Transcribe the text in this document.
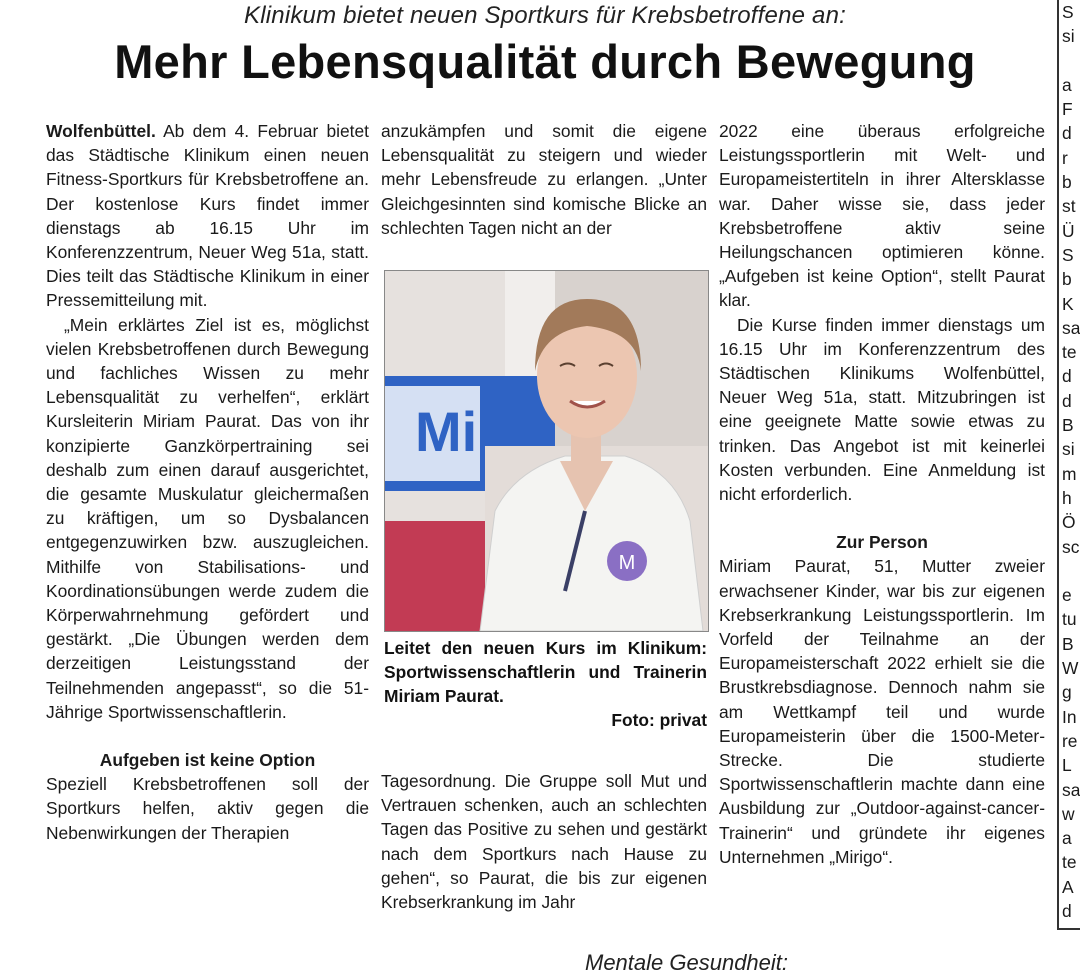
Klinikum bietet neuen Sportkurs für Krebsbetroffene an:
Mehr Lebensqualität durch Bewegung

Wolfenbüttel. Ab dem 4. Februar bietet das Städtische Klinikum einen neuen Fitness-Sportkurs für Krebsbetroffene an. Der kostenlose Kurs findet immer dienstags ab 16.15 Uhr im Konferenzzentrum, Neuer Weg 51a, statt. Dies teilt das Städtische Klinikum in einer Pressemitteilung mit.

„Mein erklärtes Ziel ist es, möglichst vielen Krebsbetroffenen durch Bewegung und fachliches Wissen zu mehr Lebensqualität zu verhelfen“, erklärt Kursleiterin Miriam Paurat. Das von ihr konzipierte Ganzkörpertraining sei deshalb zum einen darauf ausgerichtet, die gesamte Muskulatur gleichermaßen zu kräftigen, um so Dysbalancen entgegenzuwirken bzw. auszugleichen. Mithilfe von Stabilisations- und Koordinationsübungen werde zudem die Körperwahrnehmung gefördert und gestärkt. „Die Übungen werden dem derzeitigen Leistungsstand der Teilnehmenden angepasst“, so die 51-Jährige Sportwissenschaftlerin.

Aufgeben ist keine Option

Speziell Krebsbetroffenen soll der Sportkurs helfen, aktiv gegen die Nebenwirkungen der Therapien

anzukämpfen und somit die eigene Lebensqualität zu steigern und wieder mehr Lebensfreude zu erlangen. „Unter Gleichgesinnten sind komische Blicke an schlechten Tagen nicht an der

Mi
M
Leitet den neuen Kurs im Klinikum: Sportwissenschaftlerin und Trainerin Miriam Paurat.
Foto: privat

Tagesordnung. Die Gruppe soll Mut und Vertrauen schenken, auch an schlechten Tagen das Positive zu sehen und gestärkt nach dem Sportkurs nach Hause zu gehen“, so Paurat, die bis zur eigenen Krebserkrankung im Jahr

2022 eine überaus erfolgreiche Leistungssportlerin mit Welt- und Europameistertiteln in ihrer Altersklasse war. Daher wisse sie, dass jeder Krebsbetroffene aktiv seine Heilungschancen optimieren könne. „Aufgeben ist keine Option“, stellt Paurat klar.

Die Kurse finden immer dienstags um 16.15 Uhr im Konferenzzentrum des Städtischen Klinikums Wolfenbüttel, Neuer Weg 51a, statt. Mitzubringen ist eine geeignete Matte sowie etwas zu trinken. Das Angebot ist mit keinerlei Kosten verbunden. Eine Anmeldung ist nicht erforderlich.

Zur Person

Miriam Paurat, 51, Mutter zweier erwachsener Kinder, war bis zur eigenen Krebserkrankung Leistungssportlerin. Im Vorfeld der Teilnahme an der Europameisterschaft 2022 erhielt sie die Brustkrebsdiagnose. Dennoch nahm sie am Wettkampf teil und wurde Europameisterin über die 1500-Meter-Strecke. Die studierte Sportwissenschaftlerin machte dann eine Ausbildung zur „Outdoor-against-cancer-Trainerin“ und gründete ihr eigenes Unternehmen „Mirigo“.

S
si
a
F
d
r
b
st
Ü
S
b
K
sa
te
d
d
B
si
m
h
Ö
sc
e
tu
B
W
g
In
re
L
sa
w
a
te
A
d
Mentale Gesundheit:
